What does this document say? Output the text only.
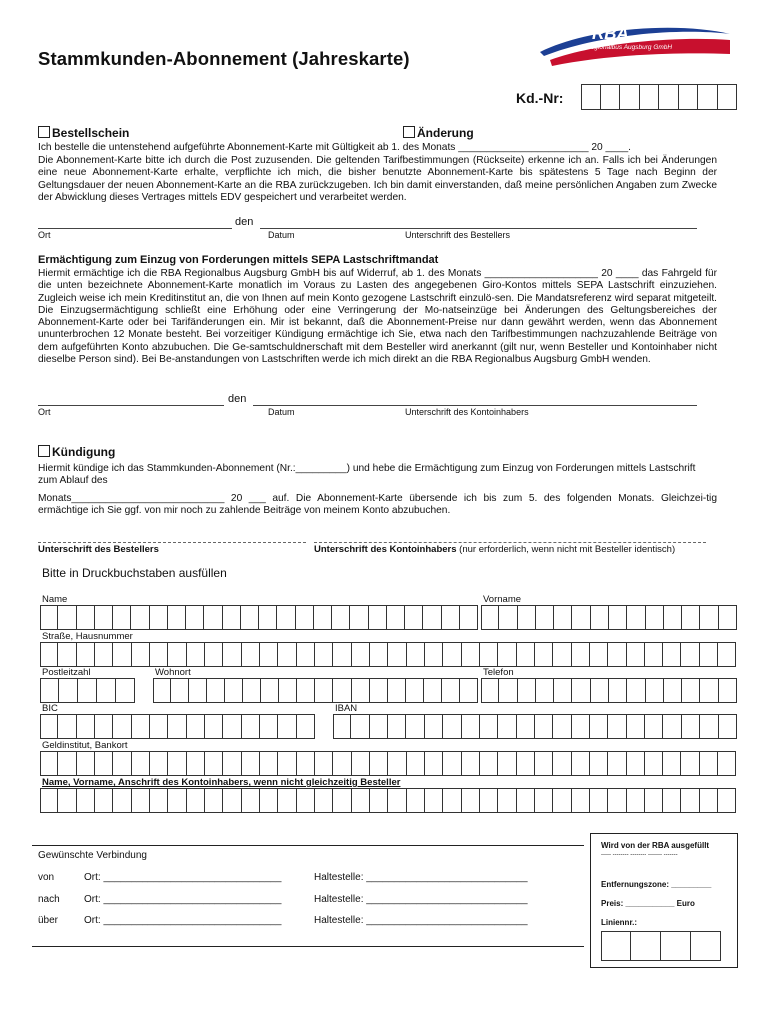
Stammkunden-Abonnement (Jahreskarte)
RBA
Regionalbus Augsburg GmbH
Kd.-Nr:
Bestellschein	Änderung
Ich bestelle die untenstehend aufgeführte Abonnement-Karte mit Gültigkeit ab 1. des Monats _______________________ 20 ____.
Die Abonnement-Karte bitte ich durch die Post zuzusenden. Die geltenden Tarifbestimmungen (Rückseite) erkenne ich an. Falls ich bei Änderungen eine neue Abonnement-Karte erhalte, verpflichte ich mich, die bisher benutzte Abonnement-Karte bis spätestens 5 Tage nach Beginn der Geltungsdauer der neuen Abonnement-Karte an die RBA zurückzugeben. Ich bin damit einverstanden, daß meine persönlichen Angaben zum Zwecke der Abwicklung dieses Vertrages mittels EDV gespeichert und verarbeitet werden.
den
Ort	Datum	Unterschrift des Bestellers
Ermächtigung zum Einzug von Forderungen mittels SEPA Lastschriftmandat
Hiermit ermächtige ich die RBA Regionalbus Augsburg GmbH bis auf Widerruf, ab 1. des Monats ____________________ 20 ____ das Fahrgeld für die unten bezeichnete Abonnement-Karte monatlich im Voraus zu Lasten des angegebenen Giro-Kontos mittels SEPA Lastschrift einzuziehen. Zugleich weise ich mein Kreditinstitut an, die von Ihnen auf mein Konto gezogene Lastschrift einzulö-sen. Die Mandatsreferenz wird separat mitgeteilt. Die Einzugsermächtigung schließt eine Erhöhung oder eine Verringerung der Mo-natseinzüge bei Änderungen des Geltungsbereiches der Abonnement-Karte oder bei Tarifänderungen ein. Mir ist bekannt, daß die Abonnement-Preise nur dann gewährt werden, wenn das Abonnement ununterbrochen 12 Monate besteht. Bei vorzeitiger Kündigung ermächtige ich Sie, etwa nach den Tarifbestimmungen nachzuzahlende Beiträge von dem aufgeführten Konto abzubuchen. Die Ge-samtschuldnerschaft mit dem Besteller wird anerkannt (gilt nur, wenn Besteller und Kontoinhaber nicht dieselbe Person sind). Bei Be-anstandungen von Lastschriften werde ich mich direkt an die RBA Regionalbus Augsburg GmbH wenden.
den
Ort	Datum	Unterschrift des Kontoinhabers
Kündigung
Hiermit kündige ich das Stammkunden-Abonnement (Nr.:_________) und hebe die Ermächtigung zum Einzug von Forderungen mittels Lastschrift zum Ablauf des
Monats___________________________ 20 ___ auf. Die Abonnement-Karte übersende ich bis zum 5. des folgenden Monats. Gleichzei-tig ermächtige ich Sie ggf. von mir noch zu zahlende Beiträge von meinem Konto abzubuchen.
Unterschrift des Bestellers	Unterschrift des Kontoinhabers (nur erforderlich, wenn nicht mit Besteller identisch)
Bitte in Druckbuchstaben ausfüllen
Name	Vorname
Straße, Hausnummer
Postleitzahl	Wohnort	Telefon
BIC	IBAN
Geldinstitut, Bankort
Name, Vorname, Anschrift des Kontoinhabers, wenn nicht gleichzeitig Besteller
Gewünschte Verbindung
von	Ort: ________________________________	Haltestelle: _____________________________
nach Ort: ________________________________	Haltestelle: _____________________________
über	Ort: ________________________________	Haltestelle: _____________________________
Wird von der RBA ausgefüllt
----- -------- -------- ------- -------
Entfernungszone: _________
Preis: ___________ Euro
Liniennr.:
